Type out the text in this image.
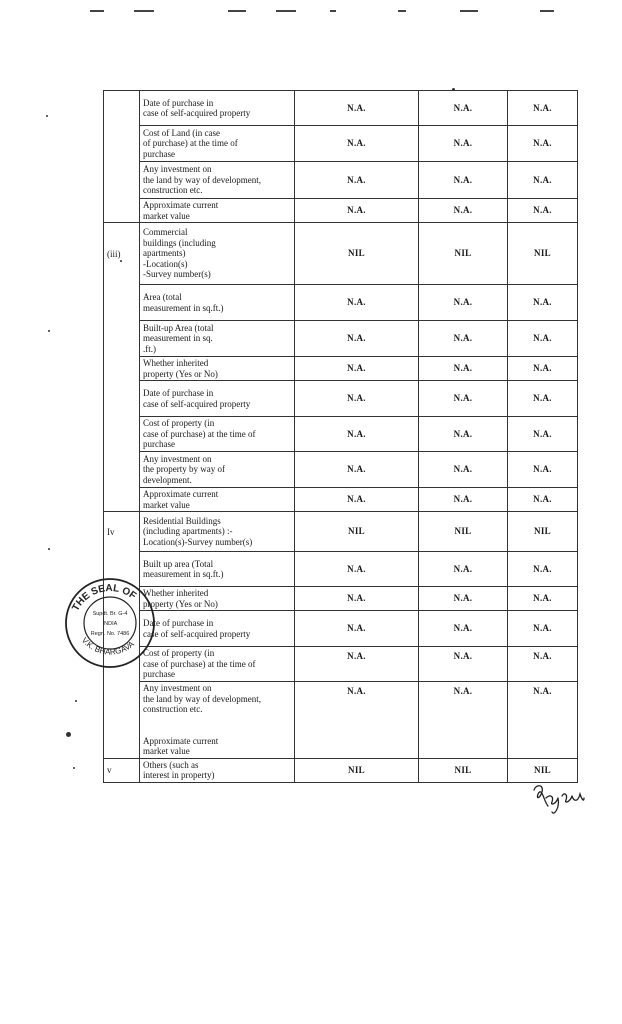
	Date of purchase in
case of self-acquired property	N.A.	N.A.	N.A.
	Cost of Land (in case
of purchase) at the time of
purchase	N.A.	N.A.	N.A.
	Any investment on
the land by way of development,
construction etc.	N.A.	N.A.	N.A.
	Approximate current
market value	N.A.	N.A.	N.A.
(iii)	Commercial
buildings (including
apartments)
-Location(s)
-Survey number(s)	NIL	NIL	NIL
	Area (total
measurement in sq.ft.)	N.A.	N.A.	N.A.
	Built-up Area (total
measurement in sq.
.ft.)	N.A.	N.A.	N.A.
	Whether inherited
property (Yes or No)	N.A.	N.A.	N.A.
	Date of purchase in
case of self-acquired property	N.A.	N.A.	N.A.
	Cost of property (in
case of purchase) at the time of
purchase	N.A.	N.A.	N.A.
	Any investment on
the property by way of
development.	N.A.	N.A.	N.A.
	Approximate current
market value	N.A.	N.A.	N.A.
Iv	Residential Buildings
(including apartments) :-
Location(s)-Survey number(s)	NIL	NIL	NIL
	Built up area (Total
measurement in sq.ft.)	N.A.	N.A.	N.A.
	Whether inherited
property (Yes or No)	N.A.	N.A.	N.A.
	Date of purchase in
case of self-acquired property	N.A.	N.A.	N.A.
	Cost of property (in
case of purchase) at the time of
purchase	N.A.	N.A.	N.A.
	Any investment on
the land by way of development,
construction etc.

Approximate current
market value	N.A.	N.A.	N.A.
v	Others (such as
interest in property)	NIL	NIL	NIL
THE SEAL OF
V.K. BHARGAVA
Supdt. Br. G-4
INDIA
Regn. No. 7486
